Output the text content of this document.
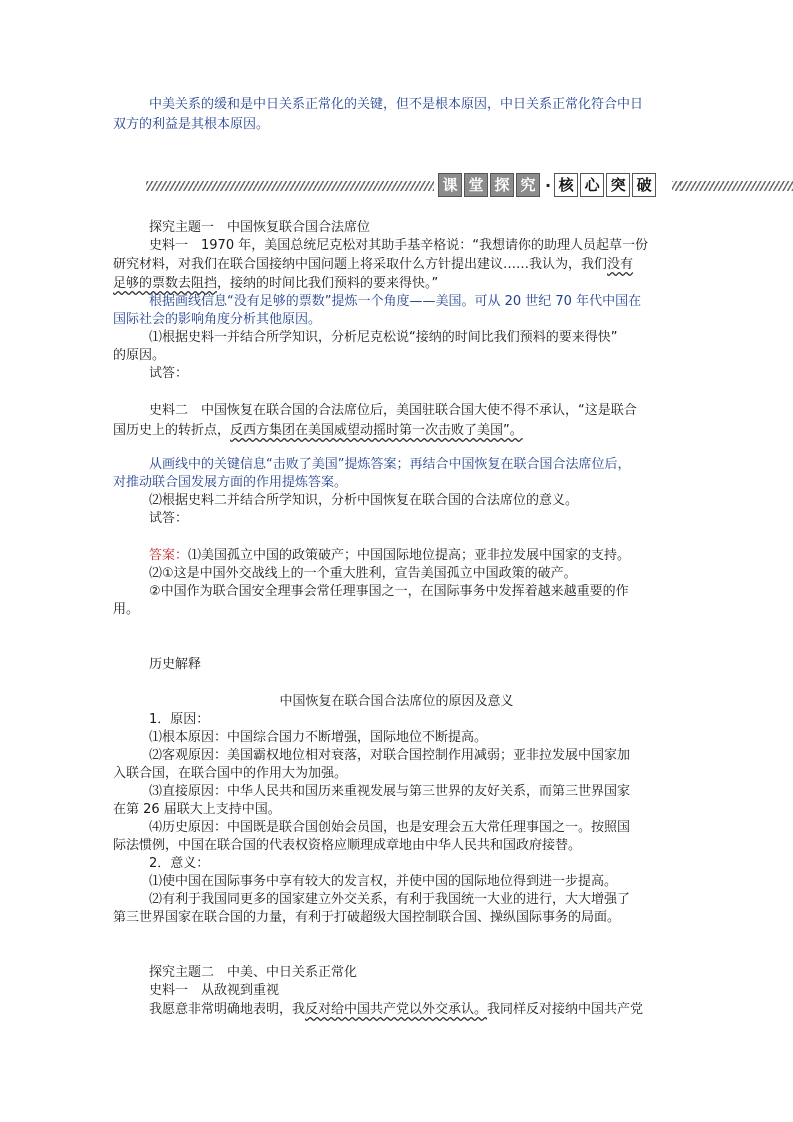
中美关系的缓和是中日关系正常化的关键，但不是根本原因，中日关系正常化符合中日
双方的利益是其根本原因。
课 堂 探 究 · 核 心 突 破
探究主题一　中国恢复联合国合法席位
史料一　1970 年，美国总统尼克松对其助手基辛格说：“我想请你的助理人员起草一份
研究材料，对我们在联合国接纳中国问题上将采取什么方针提出建议……我认为，我们没有
足够的票数去阻挡，接纳的时间比我们预料的要来得快。”
根据画线信息“没有足够的票数”提炼一个角度——美国。可从 20 世纪 70 年代中国在
国际社会的影响角度分析其他原因。
⑴根据史料一并结合所学知识，分析尼克松说“接纳的时间比我们预料的要来得快”
的原因。
试答：
史料二　中国恢复在联合国的合法席位后，美国驻联合国大使不得不承认，“这是联合
国历史上的转折点，反西方集团在美国威望动摇时第一次击败了美国”。
从画线中的关键信息“击败了美国”提炼答案；再结合中国恢复在联合国合法席位后，
对推动联合国发展方面的作用提炼答案。
⑵根据史料二并结合所学知识，分析中国恢复在联合国的合法席位的意义。
试答：
答案：⑴美国孤立中国的政策破产；中国国际地位提高；亚非拉发展中国家的支持。
⑵①这是中国外交战线上的一个重大胜利，宣告美国孤立中国政策的破产。
②中国作为联合国安全理事会常任理事国之一，在国际事务中发挥着越来越重要的作
用。
历史解释
中国恢复在联合国合法席位的原因及意义
1．原因：
⑴根本原因：中国综合国力不断增强，国际地位不断提高。
⑵客观原因：美国霸权地位相对衰落，对联合国控制作用减弱；亚非拉发展中国家加
入联合国，在联合国中的作用大为加强。
⑶直接原因：中华人民共和国历来重视发展与第三世界的友好关系，而第三世界国家
在第 26 届联大上支持中国。
⑷历史原因：中国既是联合国创始会员国，也是安理会五大常任理事国之一。按照国
际法惯例，中国在联合国的代表权资格应顺理成章地由中华人民共和国政府接替。
2．意义：
⑴使中国在国际事务中享有较大的发言权，并使中国的国际地位得到进一步提高。
⑵有利于我国同更多的国家建立外交关系，有利于我国统一大业的进行，大大增强了
第三世界国家在联合国的力量，有利于打破超级大国控制联合国、操纵国际事务的局面。
探究主题二　中美、中日关系正常化
史料一　从敌视到重视
我愿意非常明确地表明，我反对给中国共产党以外交承认。我同样反对接纳中国共产党
